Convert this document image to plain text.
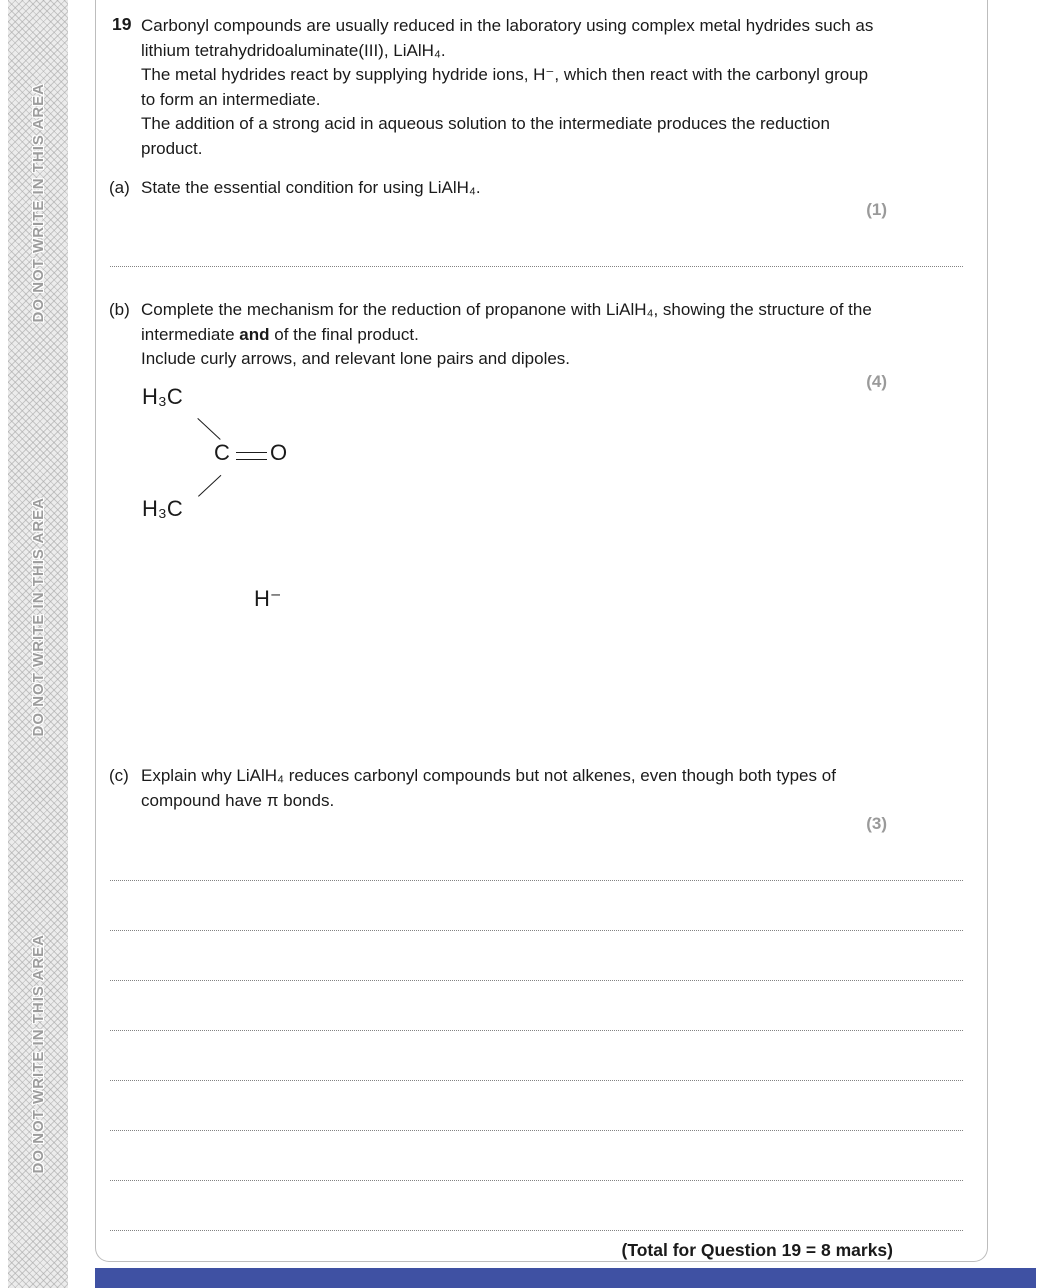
DO NOT WRITE IN THIS AREA
DO NOT WRITE IN THIS AREA
DO NOT WRITE IN THIS AREA
19 Carbonyl compounds are usually reduced in the laboratory using complex metal hydrides such as lithium tetrahydridoaluminate(III), LiAlH₄.

The metal hydrides react by supplying hydride ions, H⁻, which then react with the carbonyl group to form an intermediate.

The addition of a strong acid in aqueous solution to the intermediate produces the reduction product.

(a) State the essential condition for using LiAlH₄.

(1)
(b) Complete the mechanism for the reduction of propanone with LiAlH₄, showing the structure of the intermediate and of the final product.

Include curly arrows, and relevant lone pairs and dipoles.

(4)
H₃C
C O
H₃C
H⁻
(c) Explain why LiAlH₄ reduces carbonyl compounds but not alkenes, even though both types of compound have π bonds.

(3)
(Total for Question 19 = 8 marks)
